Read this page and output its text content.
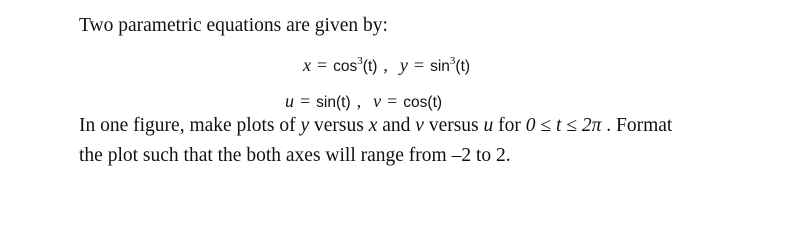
Two parametric equations are given by:
$x = \cos^3(t)$ , $y = \sin^3(t)$
u = sin(t) , v = cos(t)
In one figure, make plots of y versus x and v versus u for 0 ≤ t ≤ 2π . Format
the plot such that the both axes will range from –2 to 2.
